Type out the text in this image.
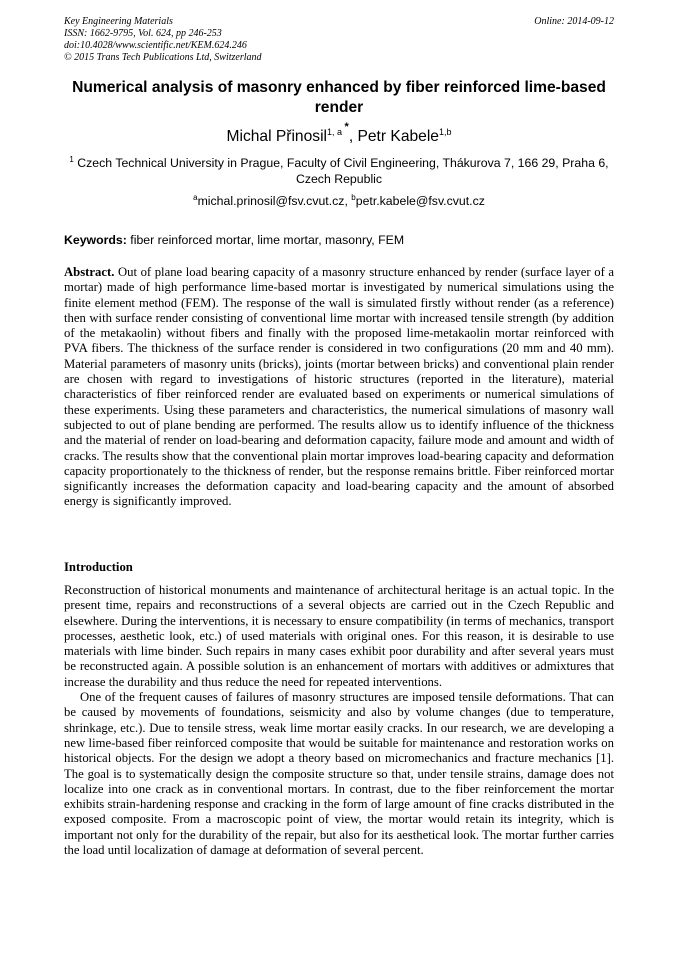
Key Engineering Materials
ISSN: 1662-9795, Vol. 624, pp 246-253
doi:10.4028/www.scientific.net/KEM.624.246
© 2015 Trans Tech Publications Ltd, Switzerland
Online: 2014-09-12
Numerical analysis of masonry enhanced by fiber reinforced lime-based render
Michal Přinosil$^{1, a *}$, Petr Kabele$^{1,b}$
$^1$ Czech Technical University in Prague, Faculty of Civil Engineering, Thákurova 7, 166 29, Praha 6, Czech Republic
$^a$michal.prinosil@fsv.cvut.cz, $^b$petr.kabele@fsv.cvut.cz
Keywords: fiber reinforced mortar, lime mortar, masonry, FEM
Abstract. Out of plane load bearing capacity of a masonry structure enhanced by render (surface layer of a mortar) made of high performance lime-based mortar is investigated by numerical simulations using the finite element method (FEM). The response of the wall is simulated firstly without render (as a reference) then with surface render consisting of conventional lime mortar with increased tensile strength (by addition of the metakaolin) without fibers and finally with the proposed lime-metakaolin mortar reinforced with PVA fibers. The thickness of the surface render is considered in two configurations (20 mm and 40 mm). Material parameters of masonry units (bricks), joints (mortar between bricks) and conventional plain render are chosen with regard to investigations of historic structures (reported in the literature), material characteristics of fiber reinforced render are evaluated based on experiments or numerical simulations of these experiments. Using these parameters and characteristics, the numerical simulations of masonry wall subjected to out of plane bending are performed. The results allow us to identify influence of the thickness and the material of render on load-bearing and deformation capacity, failure mode and amount and width of cracks. The results show that the conventional plain mortar improves load-bearing capacity and deformation capacity proportionately to the thickness of render, but the response remains brittle. Fiber reinforced mortar significantly increases the deformation capacity and load-bearing capacity and the amount of absorbed energy is significantly improved.
Introduction

Reconstruction of historical monuments and maintenance of architectural heritage is an actual topic. In the present time, repairs and reconstructions of a several objects are carried out in the Czech Republic and elsewhere. During the interventions, it is necessary to ensure compatibility (in terms of mechanics, transport processes, aesthetic look, etc.) of used materials with original ones. For this reason, it is desirable to use materials with lime binder. Such repairs in many cases exhibit poor durability and after several years must be reconstructed again. A possible solution is an enhancement of mortars with additives or admixtures that increase the durability and thus reduce the need for repeated interventions.

One of the frequent causes of failures of masonry structures are imposed tensile deformations. That can be caused by movements of foundations, seismicity and also by volume changes (due to temperature, shrinkage, etc.). Due to tensile stress, weak lime mortar easily cracks. In our research, we are developing a new lime-based fiber reinforced composite that would be suitable for maintenance and restoration works on historical objects. For the design we adopt a theory based on micromechanics and fracture mechanics [1]. The goal is to systematically design the composite structure so that, under tensile strains, damage does not localize into one crack as in conventional mortars. In contrast, due to the fiber reinforcement the mortar exhibits strain-hardening response and cracking in the form of large amount of fine cracks distributed in the exposed composite. From a macroscopic point of view, the mortar would retain its integrity, which is important not only for the durability of the repair, but also for its aesthetical look. The mortar further carries the load until localization of damage at deformation of several percent.
